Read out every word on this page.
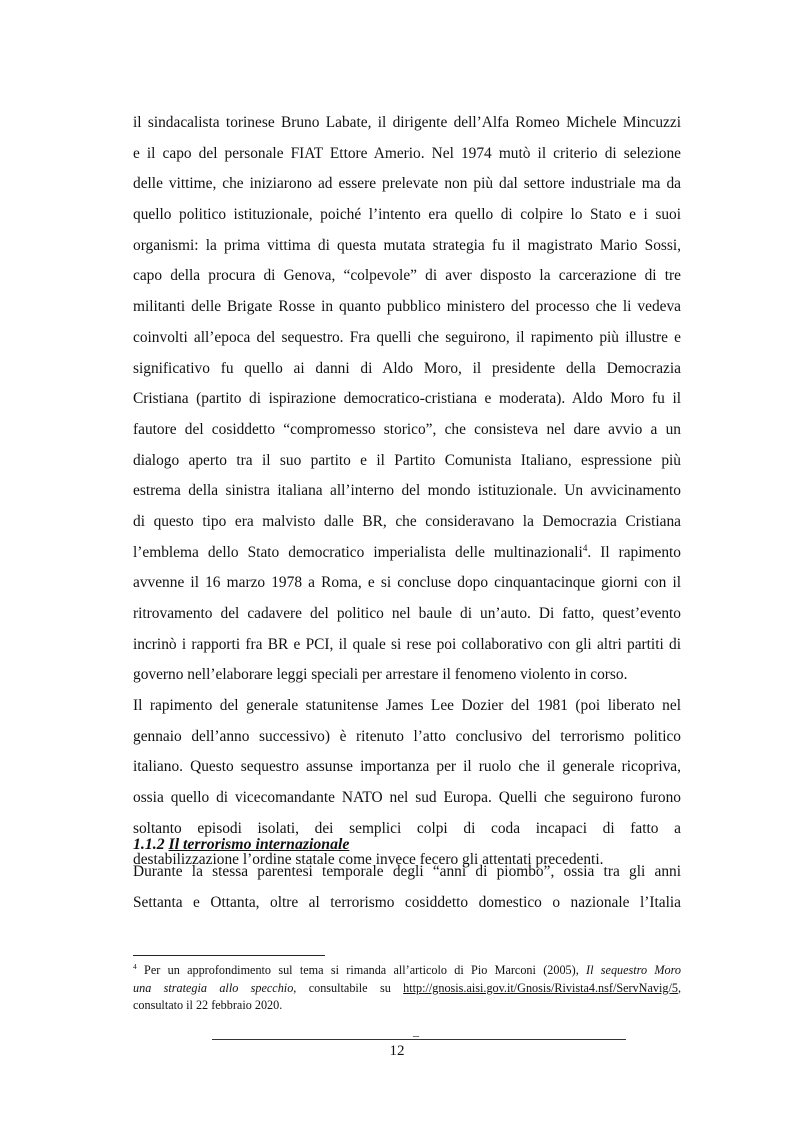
il sindacalista torinese Bruno Labate, il dirigente dell’Alfa Romeo Michele Mincuzzi
e il capo del personale FIAT Ettore Amerio. Nel 1974 mutò il criterio di selezione
delle vittime, che iniziarono ad essere prelevate non più dal settore industriale ma da
quello politico istituzionale, poiché l’intento era quello di colpire lo Stato e i suoi
organismi: la prima vittima di questa mutata strategia fu il magistrato Mario Sossi,
capo della procura di Genova, “colpevole” di aver disposto la carcerazione di tre
militanti delle Brigate Rosse in quanto pubblico ministero del processo che li vedeva
coinvolti all’epoca del sequestro. Fra quelli che seguirono, il rapimento più illustre e
significativo fu quello ai danni di Aldo Moro, il presidente della Democrazia
Cristiana (partito di ispirazione democratico-cristiana e moderata). Aldo Moro fu il
fautore del cosiddetto “compromesso storico”, che consisteva nel dare avvio a un
dialogo aperto tra il suo partito e il Partito Comunista Italiano, espressione più
estrema della sinistra italiana all’interno del mondo istituzionale. Un avvicinamento
di questo tipo era malvisto dalle BR, che consideravano la Democrazia Cristiana
l’emblema dello Stato democratico imperialista delle multinazionali$^4$. Il rapimento
avvenne il 16 marzo 1978 a Roma, e si concluse dopo cinquantacinque giorni con il
ritrovamento del cadavere del politico nel baule di un’auto. Di fatto, quest’evento
incrinò i rapporti fra BR e PCI, il quale si rese poi collaborativo con gli altri partiti di
governo nell’elaborare leggi speciali per arrestare il fenomeno violento in corso.
Il rapimento del generale statunitense James Lee Dozier del 1981 (poi liberato nel
gennaio dell’anno successivo) è ritenuto l’atto conclusivo del terrorismo politico
italiano. Questo sequestro assunse importanza per il ruolo che il generale ricopriva,
ossia quello di vicecomandante NATO nel sud Europa. Quelli che seguirono furono
soltanto episodi isolati, dei semplici colpi di coda incapaci di fatto a
destabilizzazione l’ordine statale come invece fecero gli attentati precedenti.
1.1.2 Il terrorismo internazionale
Durante la stessa parentesi temporale degli “anni di piombo”, ossia tra gli anni
Settanta e Ottanta, oltre al terrorismo cosiddetto domestico o nazionale l’Italia
$^4$ Per un approfondimento sul tema si rimanda all’articolo di Pio Marconi (2005), Il sequestro Moro
una strategia allo specchio, consultabile su http://gnosis.aisi.gov.it/Gnosis/Rivista4.nsf/ServNavig/5,
consultato il 22 febbraio 2020.
_
12
